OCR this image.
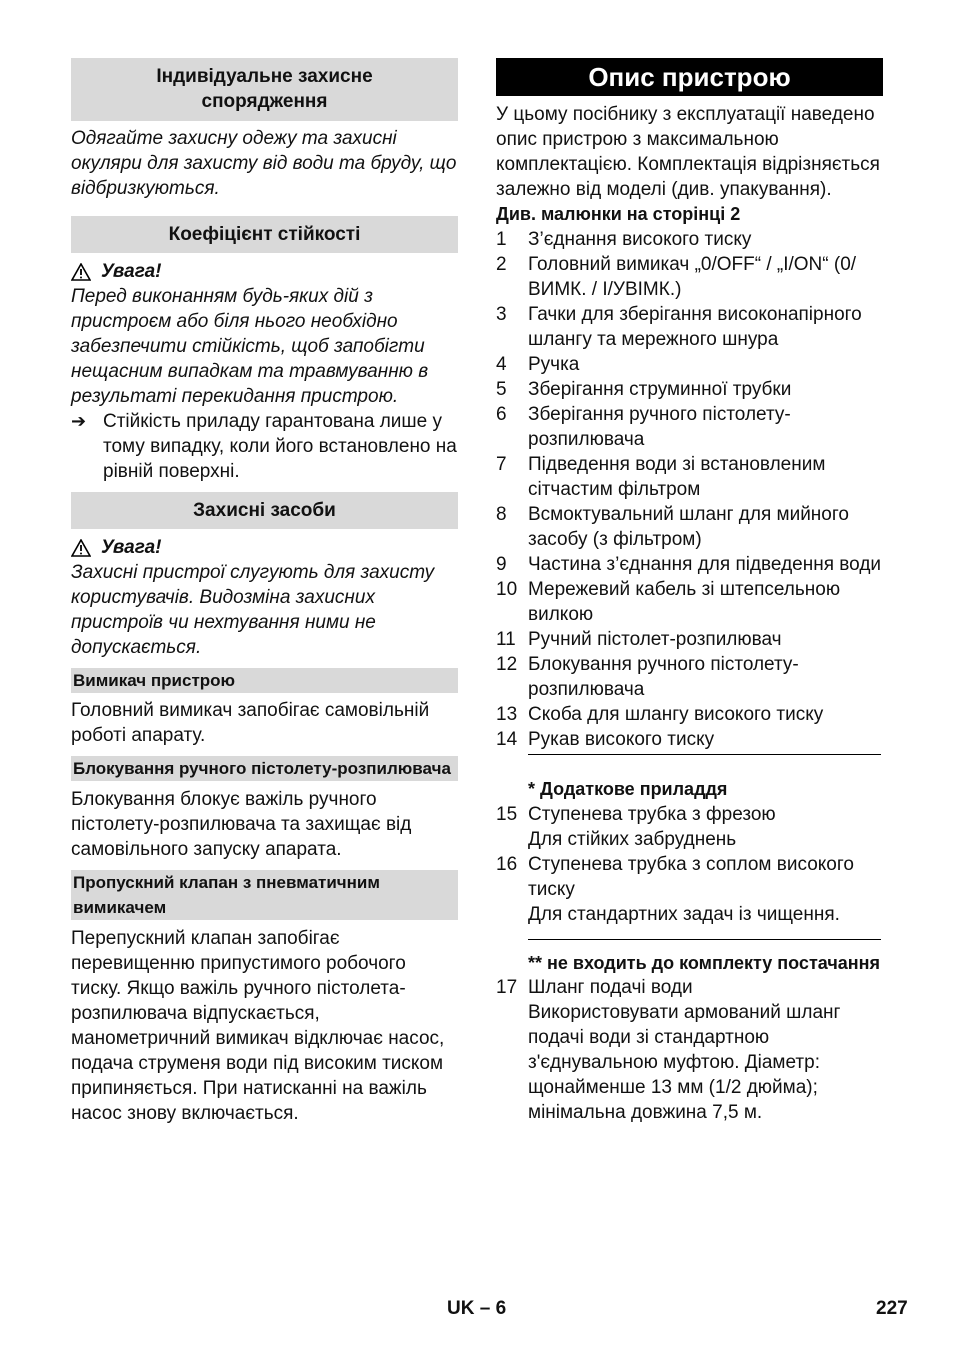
Індивідуальне захисне спорядження

Одягайте захисну одежу та захисні окуляри для захисту від води та бруду, що відбризкуються.

Коефіцієнт стійкості
Увага!

Перед виконанням будь-яких дій з пристроєм або біля нього необхідно забезпечити стійкість, щоб запобігти нещасним випадкам та травмуванню в результаті перекидання пристрою.

➔ Стійкість приладу гарантована лише у тому випадку, коли його встановлено на рівній поверхні.
Захисні засоби
Увага!

Захисні пристрої слугують для захисту користувачів. Видозміна захисних пристроїв чи нехтування ними не допускається.

Вимикач пристрою

Головний вимикач запобігає самовільній роботі апарату.

Блокування ручного пістолету-розпилювача

Блокування блокує важіль ручного пістолету-розпилювача та захищає від самовільного запуску апарата.

Пропускний клапан з пневматичним вимикачем

Перепускний клапан запобігає перевищенню припустимого робочого тиску. Якщо важіль ручного пістолета-розпилювача відпускається, манометричний вимикач відключає насос, подача струменя води під високим тиском припиняється. При натисканні на важіль насос знову включається.

Опис пристрою

У цьому посібнику з експлуатації наведено опис пристрою з максимальною комплектацією. Комплектація відрізняється залежно від моделі (див. упакування).

Див. малюнки на сторінці 2

1	З’єднання високого тиску
2	Головний вимикач „0/OFF“ / „I/ON“ (0/ВИМК. / I/УВІМК.)
3	Гачки для зберігання високонапірного шлангу та мережного шнура
4	Ручка
5	Зберігання струминної трубки
6	Зберігання ручного пістолету-розпилювача
7	Підведення води зі встановленим сітчастим фільтром
8	Всмоктувальний шланг для мийного засобу (з фільтром)
9	Частина з’єднання для підведення води
10 Мережевий кабель зі штепсельною вилкою
11 Ручний пістолет-розпилювач
12 Блокування ручного пістолету-розпилювача
13 Скоба для шлангу високого тиску
14 Рукав високого тиску
* Додаткове приладдя
15 Ступенева трубка з фрезою
Для стійких забруднень
16 Ступенева трубка з соплом високого тиску
Для стандартних задач із чищення.
** не входить до комплекту постачання
17 Шланг подачі води
Використовувати армований шланг подачі води зі стандартною з'єднувальною муфтою. Діаметр: щонайменше 13 мм (1/2 дюйма); мінімальна довжина 7,5 м.
UK – 6	227
